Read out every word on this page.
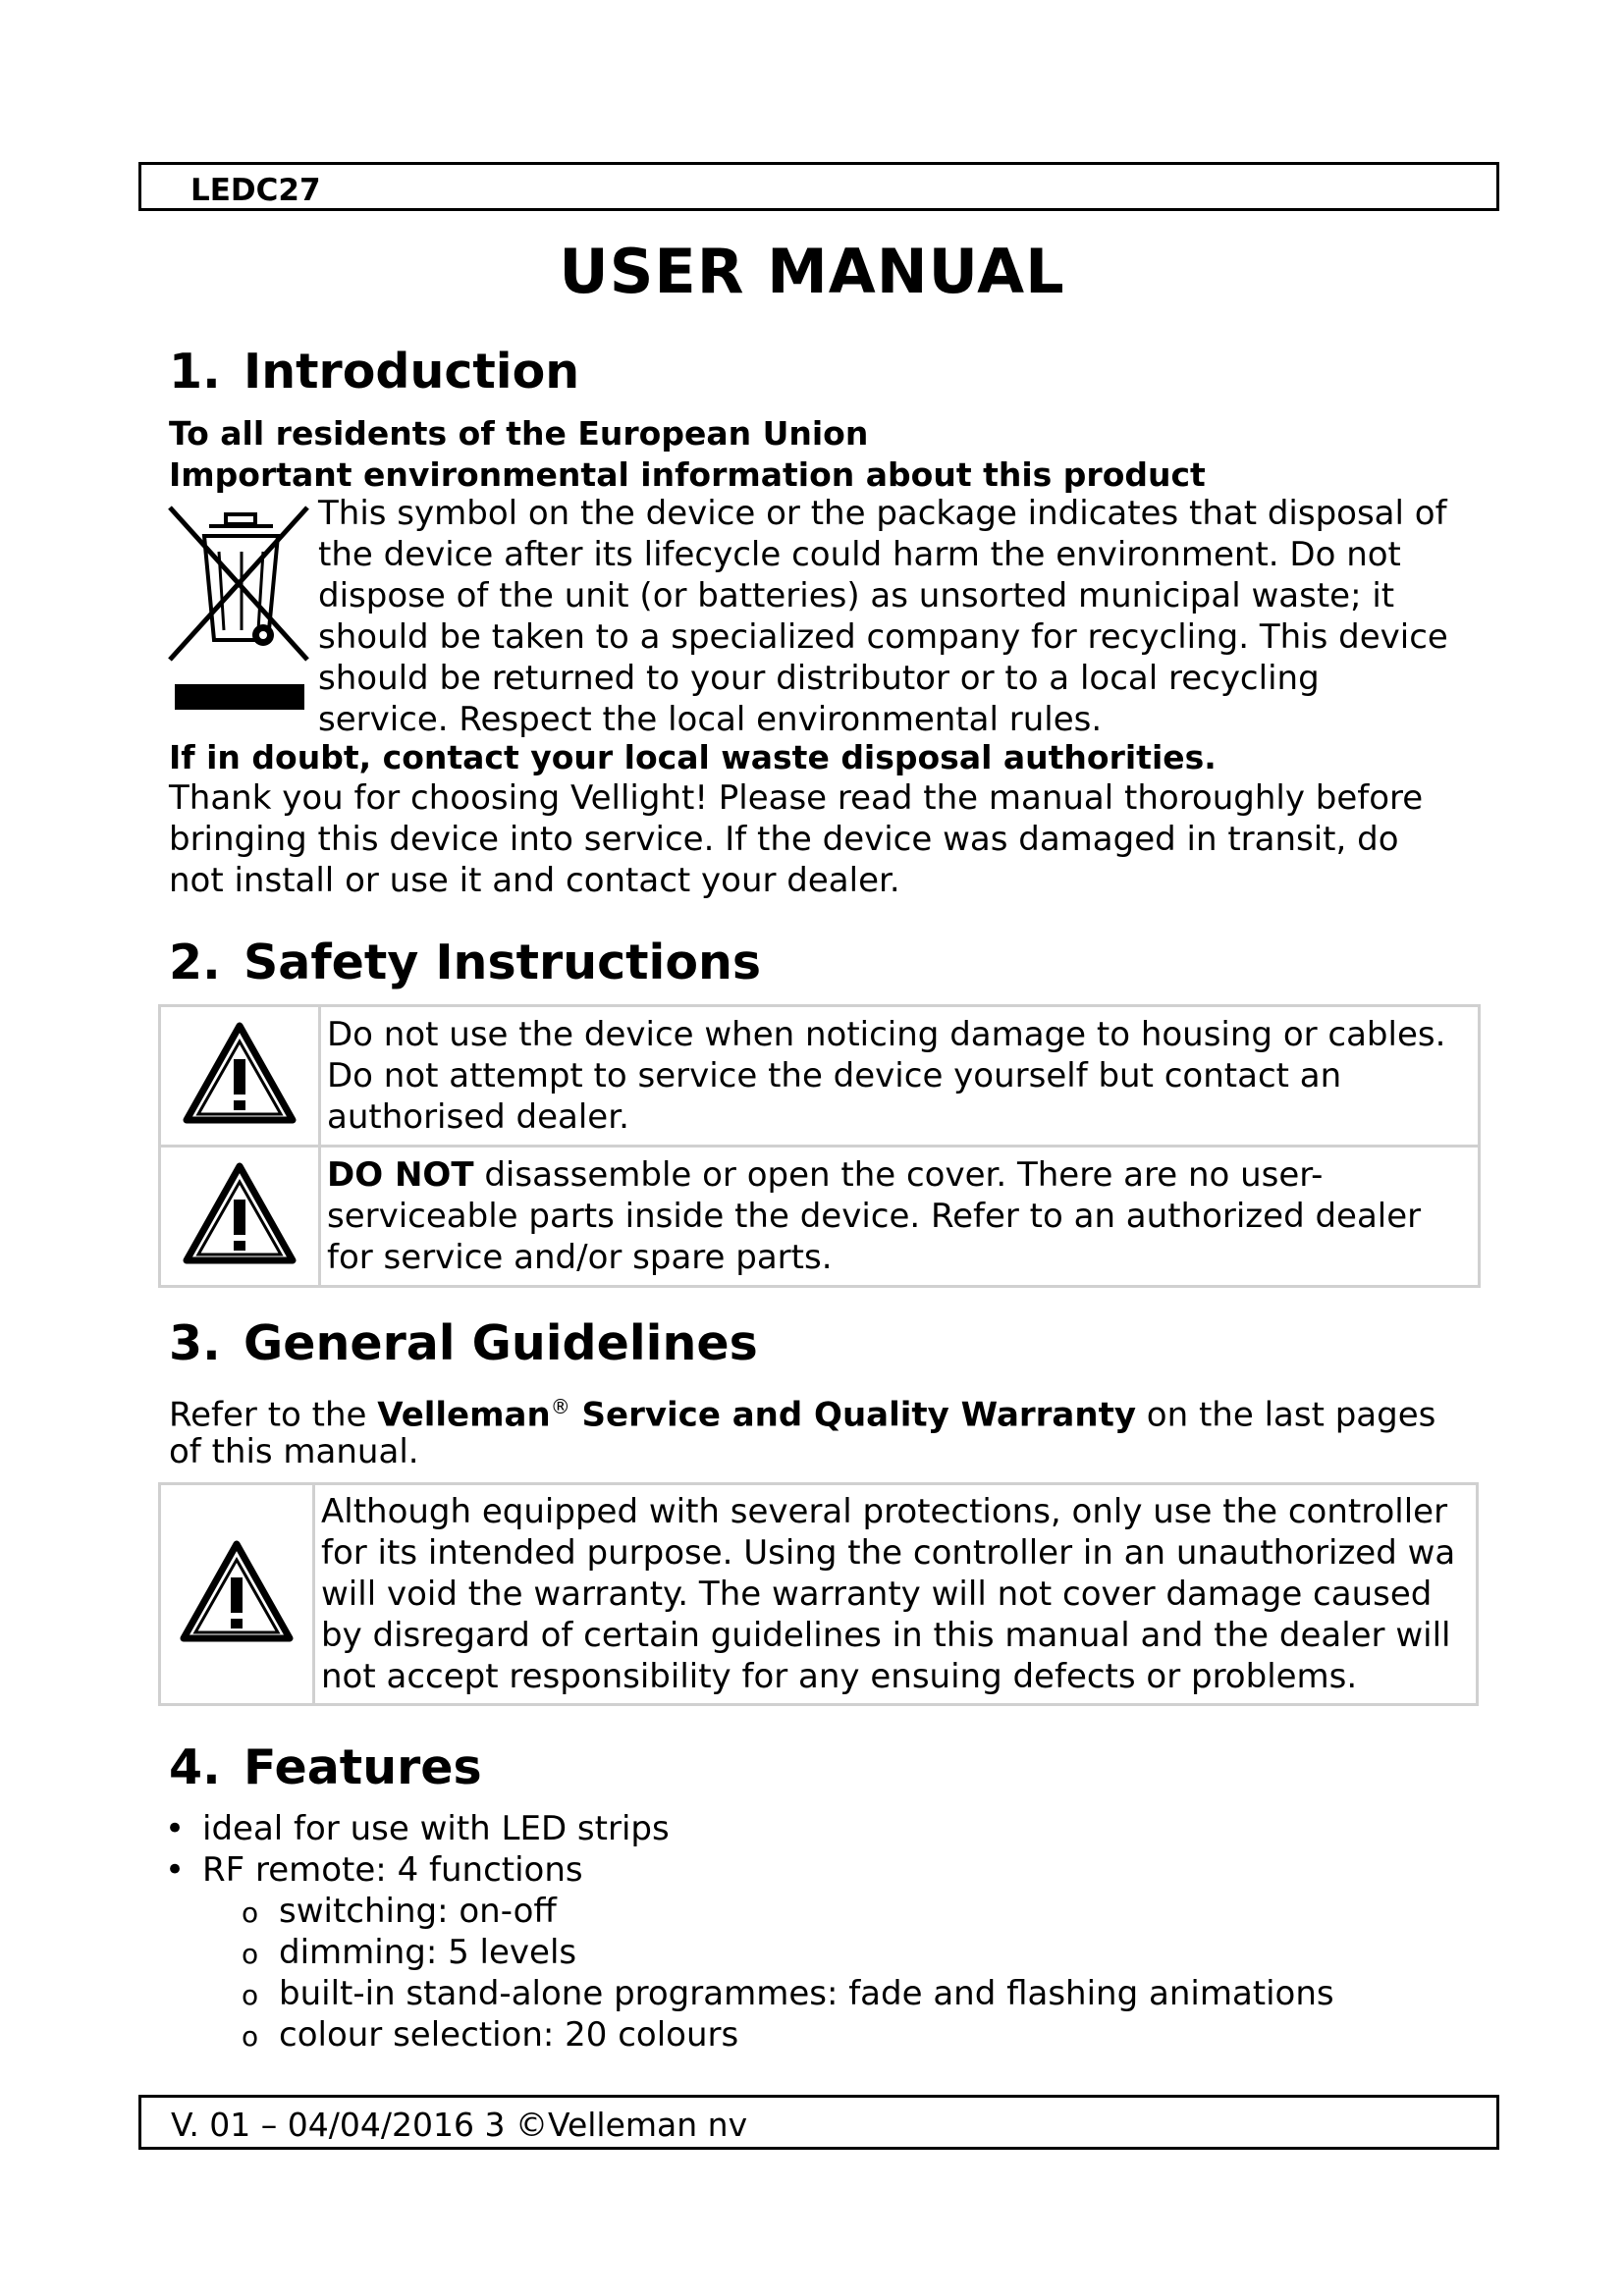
LEDC27
USER MANUAL
1. Introduction
To all residents of the European Union
Important environmental information about this product

This symbol on the device or the package indicates that disposal of

the device after its lifecycle could harm the environment. Do not

dispose of the unit (or batteries) as unsorted municipal waste; it

should be taken to a specialized company for recycling. This device

should be returned to your distributor or to a local recycling

service. Respect the local environmental rules.

If in doubt, contact your local waste disposal authorities.

Thank you for choosing Vellight! Please read the manual thoroughly before

bringing this device into service. If the device was damaged in transit, do

not install or use it and contact your dealer.

2. Safety Instructions

Do not use the device when noticing damage to housing or cables.
Do not attempt to service the device yourself but contact an
authorised dealer.

DO NOT disassemble or open the cover. There are no user-
serviceable parts inside the device. Refer to an authorized dealer
for service and/or spare parts.
3. General Guidelines

Refer to the Velleman® Service and Quality Warranty on the last pages

of this manual.

Although equipped with several protections, only use the controller
for its intended purpose. Using the controller in an unauthorized wa
will void the warranty. The warranty will not cover damage caused
by disregard of certain guidelines in this manual and the dealer will
not accept responsibility for any ensuing defects or problems.
4. Features
• ideal for use with LED strips
• RF remote: 4 functions
o switching: on-off
o dimming: 5 levels
o built-in stand-alone programmes: fade and flashing animations
o colour selection: 20 colours
V. 01 – 04/04/2016 3 ©Velleman nv
